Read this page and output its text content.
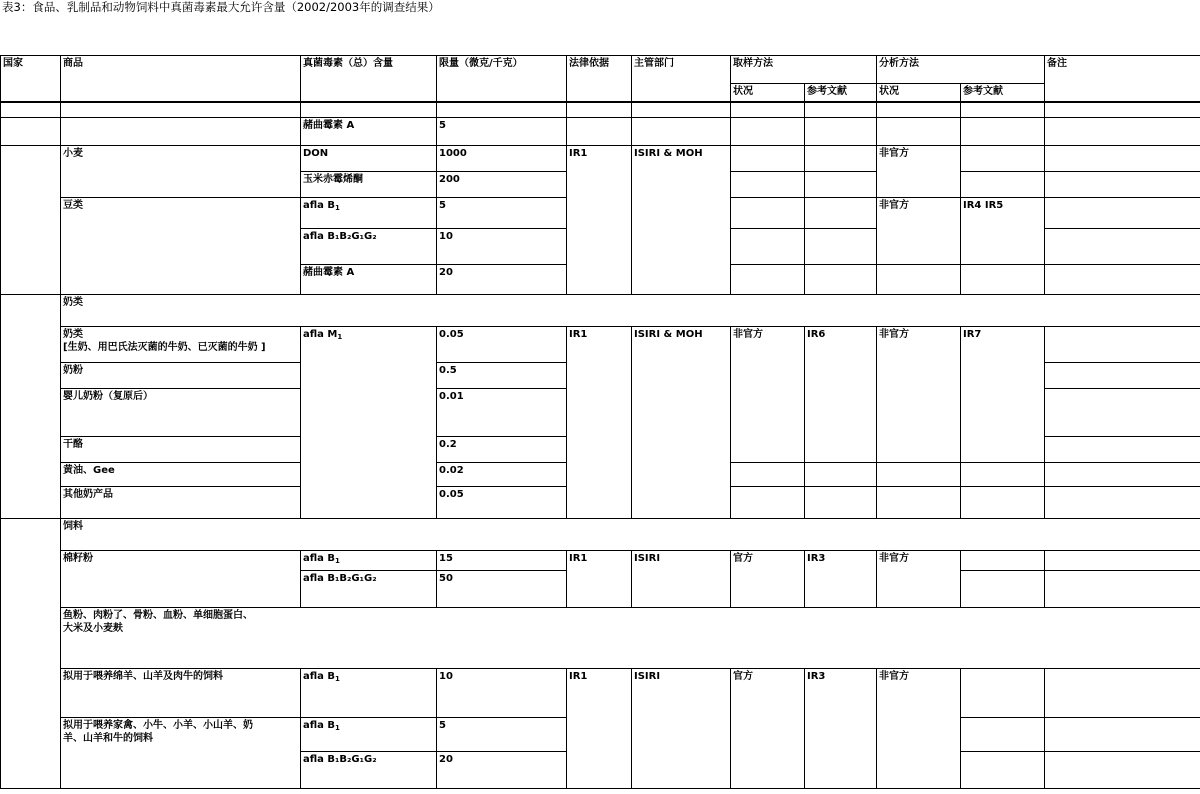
表3：食品、乳制品和动物饲料中真菌毒素最大允许含量（2002/2003年的调查结果）
国家	商品	真菌毒素（总）含量	限量（微克/千克）	法律依据	主管部门	取样方法		分析方法		备注
						状况	参考文献	状况	参考文献	

		赭曲霉素 A	5							
	小麦	DON	1000	IR1	ISIRI & MOH			非官方		
		玉米赤霉烯酮	200							
	豆类	afla $B_1$	5					非官方	IR4 IR5	
		afla B₁B₂G₁G₂	10							
		赭曲霉素 A	20							
	奶类									
	奶类
[生奶、用巴氏法灭菌的牛奶、已灭菌的牛奶 ]	afla $M_1$	0.05	IR1	ISIRI & MOH	非官方	IR6	非官方	IR7	
	奶粉		0.5							
	婴儿奶粉（复原后）		0.01							
	干酪		0.2							
	黄油、Gee		0.02							
	其他奶产品		0.05							
	饲料									
	棉籽粉	afla $B_1$	15	IR1	ISIRI	官方	IR3	非官方		
		afla B₁B₂G₁G₂	50							
	鱼粉、肉粉了、骨粉、血粉、单细胞蛋白、
大米及小麦麸									
	拟用于喂养绵羊、山羊及肉牛的饲料	afla $B_1$	10	IR1	ISIRI	官方	IR3	非官方		
	拟用于喂养家禽、小牛、小羊、小山羊、奶
羊、山羊和牛的饲料	afla $B_1$	5							
		afla B₁B₂G₁G₂	20							
